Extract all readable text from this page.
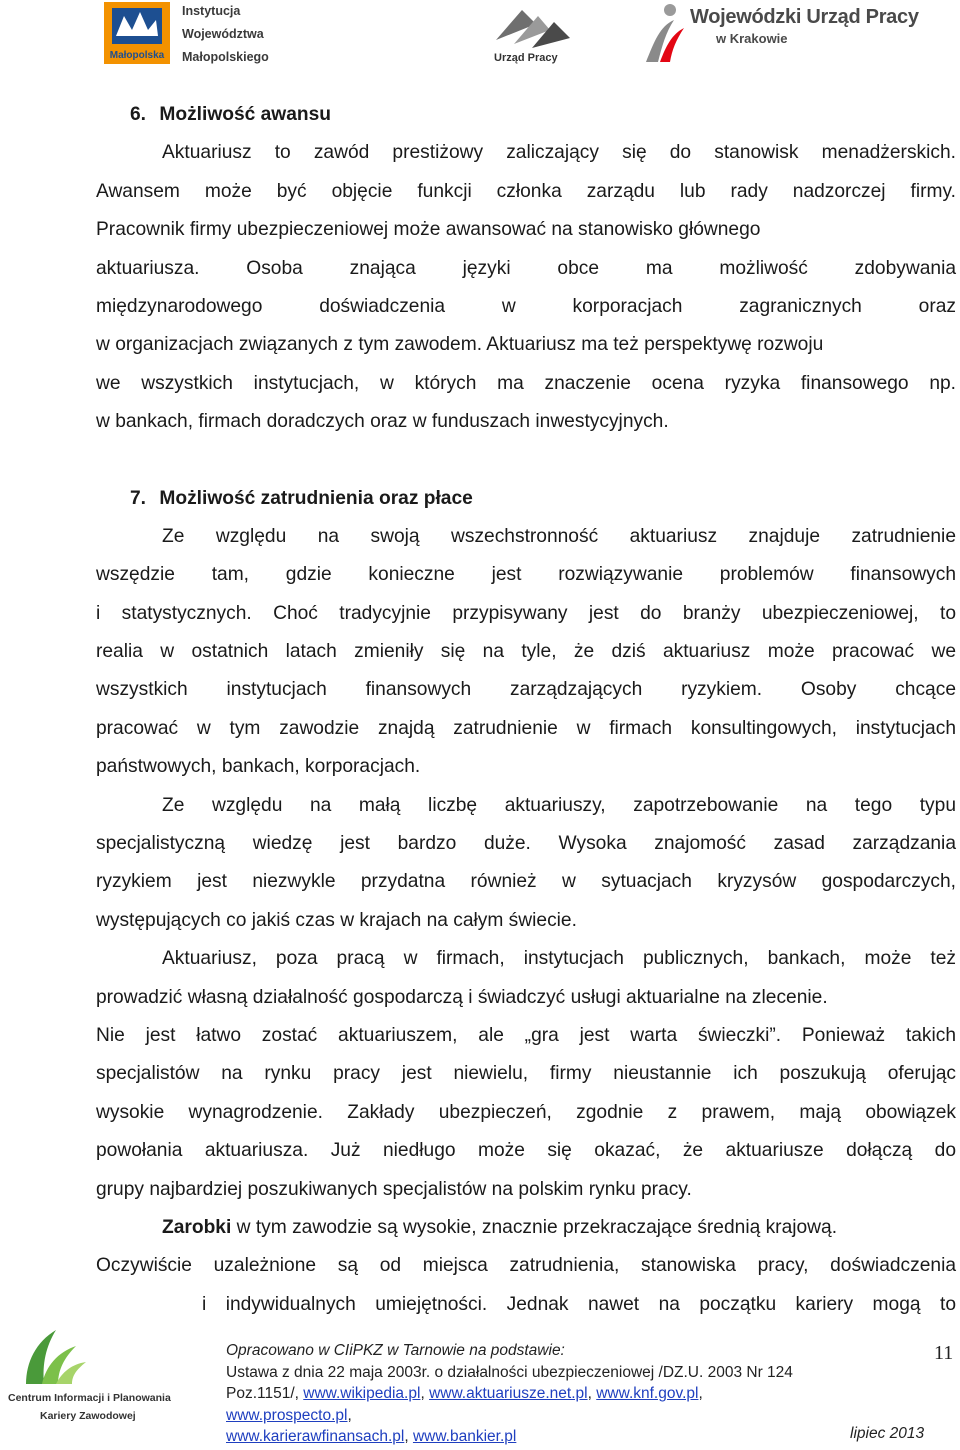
Małopolska
Instytucja
Województwa
Małopolskiego	Urząd Pracy
Wojewódzki Urząd Pracy
w Krakowie
6. Możliwość awansu
Aktuariusz to zawód prestiżowy zaliczający się do stanowisk menadżerskich.
Awansem może być objęcie funkcji członka zarządu lub rady nadzorczej firmy.
Pracownik firmy ubezpieczeniowej może awansować na stanowisko głównego
aktuariusza. Osoba znająca języki obce ma możliwość zdobywania
międzynarodowego doświadczenia w korporacjach zagranicznych oraz
w organizacjach związanych z tym zawodem. Aktuariusz ma też perspektywę rozwoju
we wszystkich instytucjach, w których ma znaczenie ocena ryzyka finansowego np.
w bankach, firmach doradczych oraz w funduszach inwestycyjnych.
7. Możliwość zatrudnienia oraz płace
Ze względu na swoją wszechstronność aktuariusz znajduje zatrudnienie
wszędzie tam, gdzie konieczne jest rozwiązywanie problemów finansowych
i statystycznych. Choć tradycyjnie przypisywany jest do branży ubezpieczeniowej, to
realia w ostatnich latach zmieniły się na tyle, że dziś aktuariusz może pracować we
wszystkich instytucjach finansowych zarządzających ryzykiem. Osoby chcące
pracować w tym zawodzie znajdą zatrudnienie w firmach konsultingowych, instytucjach
państwowych, bankach, korporacjach.
Ze względu na małą liczbę aktuariuszy, zapotrzebowanie na tego typu
specjalistyczną wiedzę jest bardzo duże. Wysoka znajomość zasad zarządzania
ryzykiem jest niezwykle przydatna również w sytuacjach kryzysów gospodarczych,
występujących co jakiś czas w krajach na całym świecie.
Aktuariusz, poza pracą w firmach, instytucjach publicznych, bankach, może też
prowadzić własną działalność gospodarczą i świadczyć usługi aktuarialne na zlecenie.
Nie jest łatwo zostać aktuariuszem, ale „gra jest warta świeczki”. Ponieważ takich
specjalistów na rynku pracy jest niewielu, firmy nieustannie ich poszukują oferując
wysokie wynagrodzenie. Zakłady ubezpieczeń, zgodnie z prawem, mają obowiązek
powołania aktuariusza. Już niedługo może się okazać, że aktuariusze dołączą do
grupy najbardziej poszukiwanych specjalistów na polskim rynku pracy.
Zarobki w tym zawodzie są wysokie, znacznie przekraczające średnią krajową.
Oczywiście uzależnione są od miejsca zatrudnienia, stanowiska pracy, doświadczenia
i indywidualnych umiejętności. Jednak nawet na początku kariery mogą to
Centrum Informacji i Planowania
Kariery Zawodowej
Opracowano w CIiPKZ w Tarnowie na podstawie:
Ustawa z dnia 22 maja 2003r. o działalności ubezpieczeniowej /DZ.U. 2003 Nr 124
Poz.1151/, www.wikipedia.pl, www.aktuariusze.net.pl, www.knf.gov.pl,
www.prospecto.pl,
www.karierawfinansach.pl, www.bankier.pl
11
lipiec 2013
